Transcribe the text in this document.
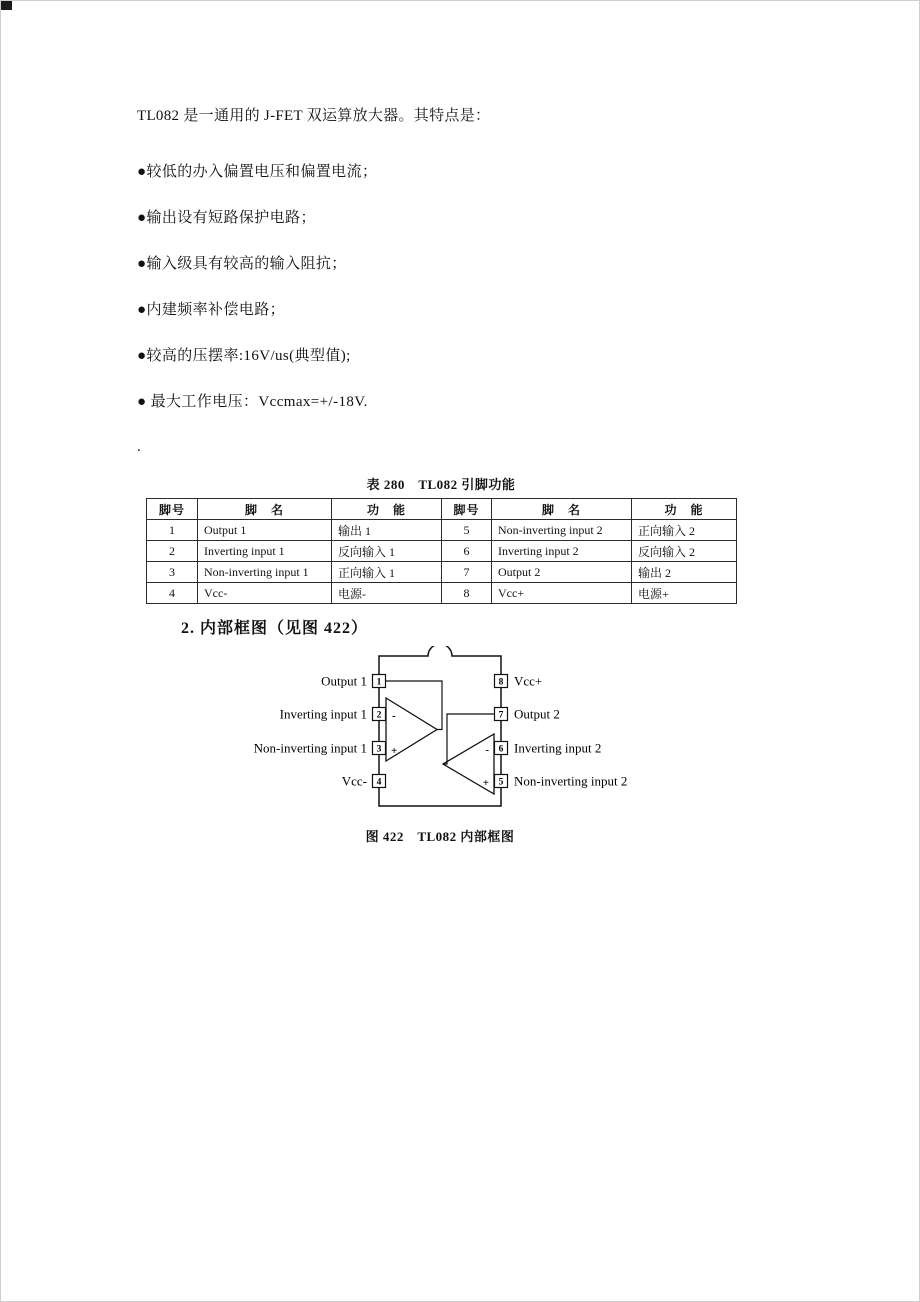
TL082 是一通用的 J-FET 双运算放大器。其特点是：

●较低的办入偏置电压和偏置电流；

●输出设有短路保护电路；

●输入级具有较高的输入阻抗；

●内建频率补偿电路；

●较高的压摆率:16V/us(典型值);

● 最大工作电压：Vccmax=+/-18V.

.

表 280　TL082 引脚功能
脚号	脚　名	功　能	脚号	脚　名	功　能
1	Output 1	输出 1	5	Non-inverting input 2	正向输入 2
2	Inverting input 1	反向输入 1	6	Inverting input 2	反向输入 2
3	Non-inverting input 1	正向输入 1	7	Output 2	输出 2
4	Vcc-	电源-	8	Vcc+	电源+
2. 内部框图（见图 422）
-
+	-
+
1
2
3
4
8
7
6
5
Output 1
Inverting input 1
Non-inverting input 1
Vcc-
Vcc+
Output 2
Inverting input 2
Non-inverting input 2
图 422　TL082 内部框图
